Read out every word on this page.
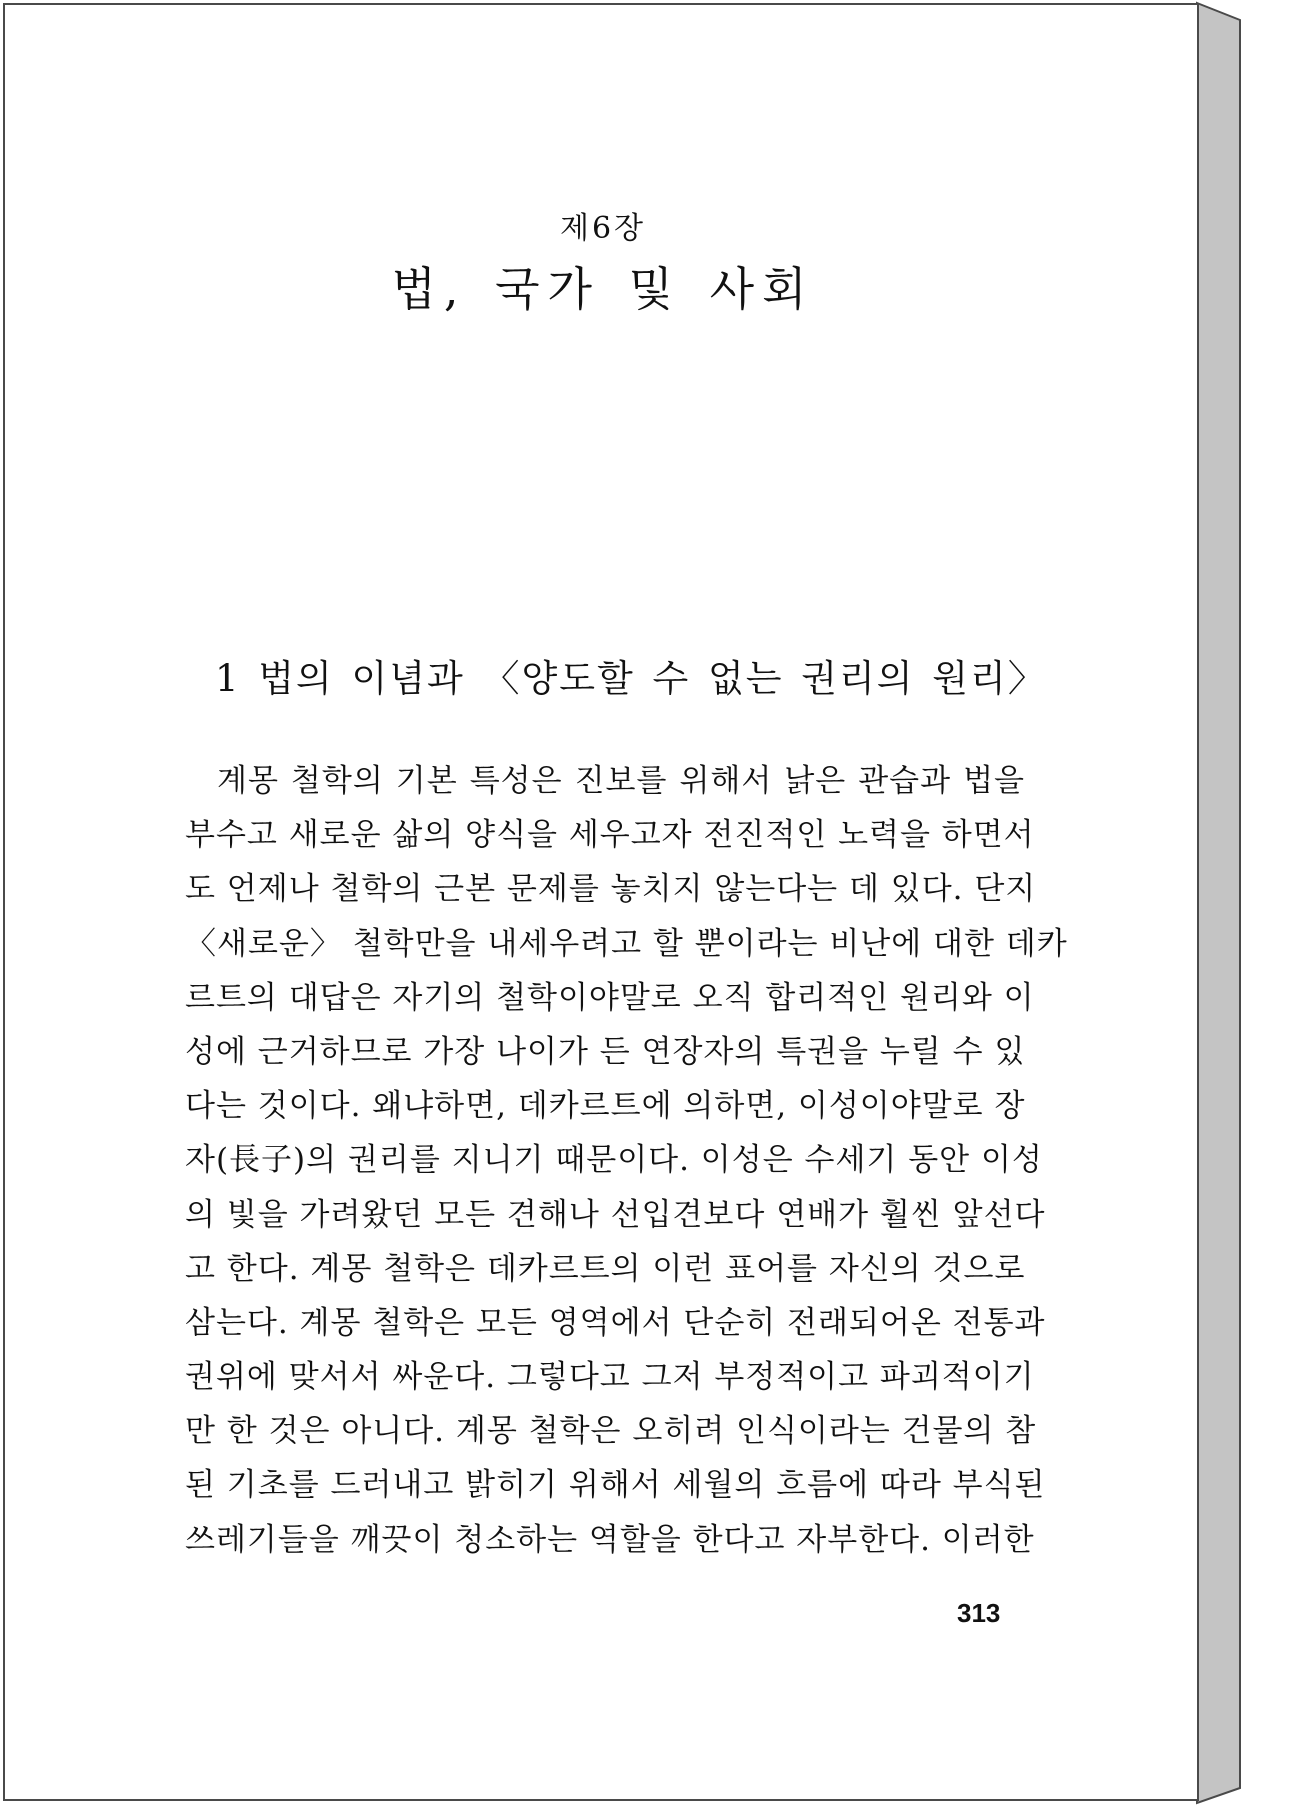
제6장
법, 국가 및 사회
1 법의 이념과 〈양도할 수 없는 권리의 원리〉
계몽 철학의 기본 특성은 진보를 위해서 낡은 관습과 법을
부수고 새로운 삶의 양식을 세우고자 전진적인 노력을 하면서
도 언제나 철학의 근본 문제를 놓치지 않는다는 데 있다. 단지
〈새로운〉 철학만을 내세우려고 할 뿐이라는 비난에 대한 데카
르트의 대답은 자기의 철학이야말로 오직 합리적인 원리와 이
성에 근거하므로 가장 나이가 든 연장자의 특권을 누릴 수 있
다는 것이다. 왜냐하면, 데카르트에 의하면, 이성이야말로 장
자(長子)의 권리를 지니기 때문이다. 이성은 수세기 동안 이성
의 빛을 가려왔던 모든 견해나 선입견보다 연배가 훨씬 앞선다
고 한다. 계몽 철학은 데카르트의 이런 표어를 자신의 것으로
삼는다. 계몽 철학은 모든 영역에서 단순히 전래되어온 전통과
권위에 맞서서 싸운다. 그렇다고 그저 부정적이고 파괴적이기
만 한 것은 아니다. 계몽 철학은 오히려 인식이라는 건물의 참
된 기초를 드러내고 밝히기 위해서 세월의 흐름에 따라 부식된
쓰레기들을 깨끗이 청소하는 역할을 한다고 자부한다. 이러한
313
